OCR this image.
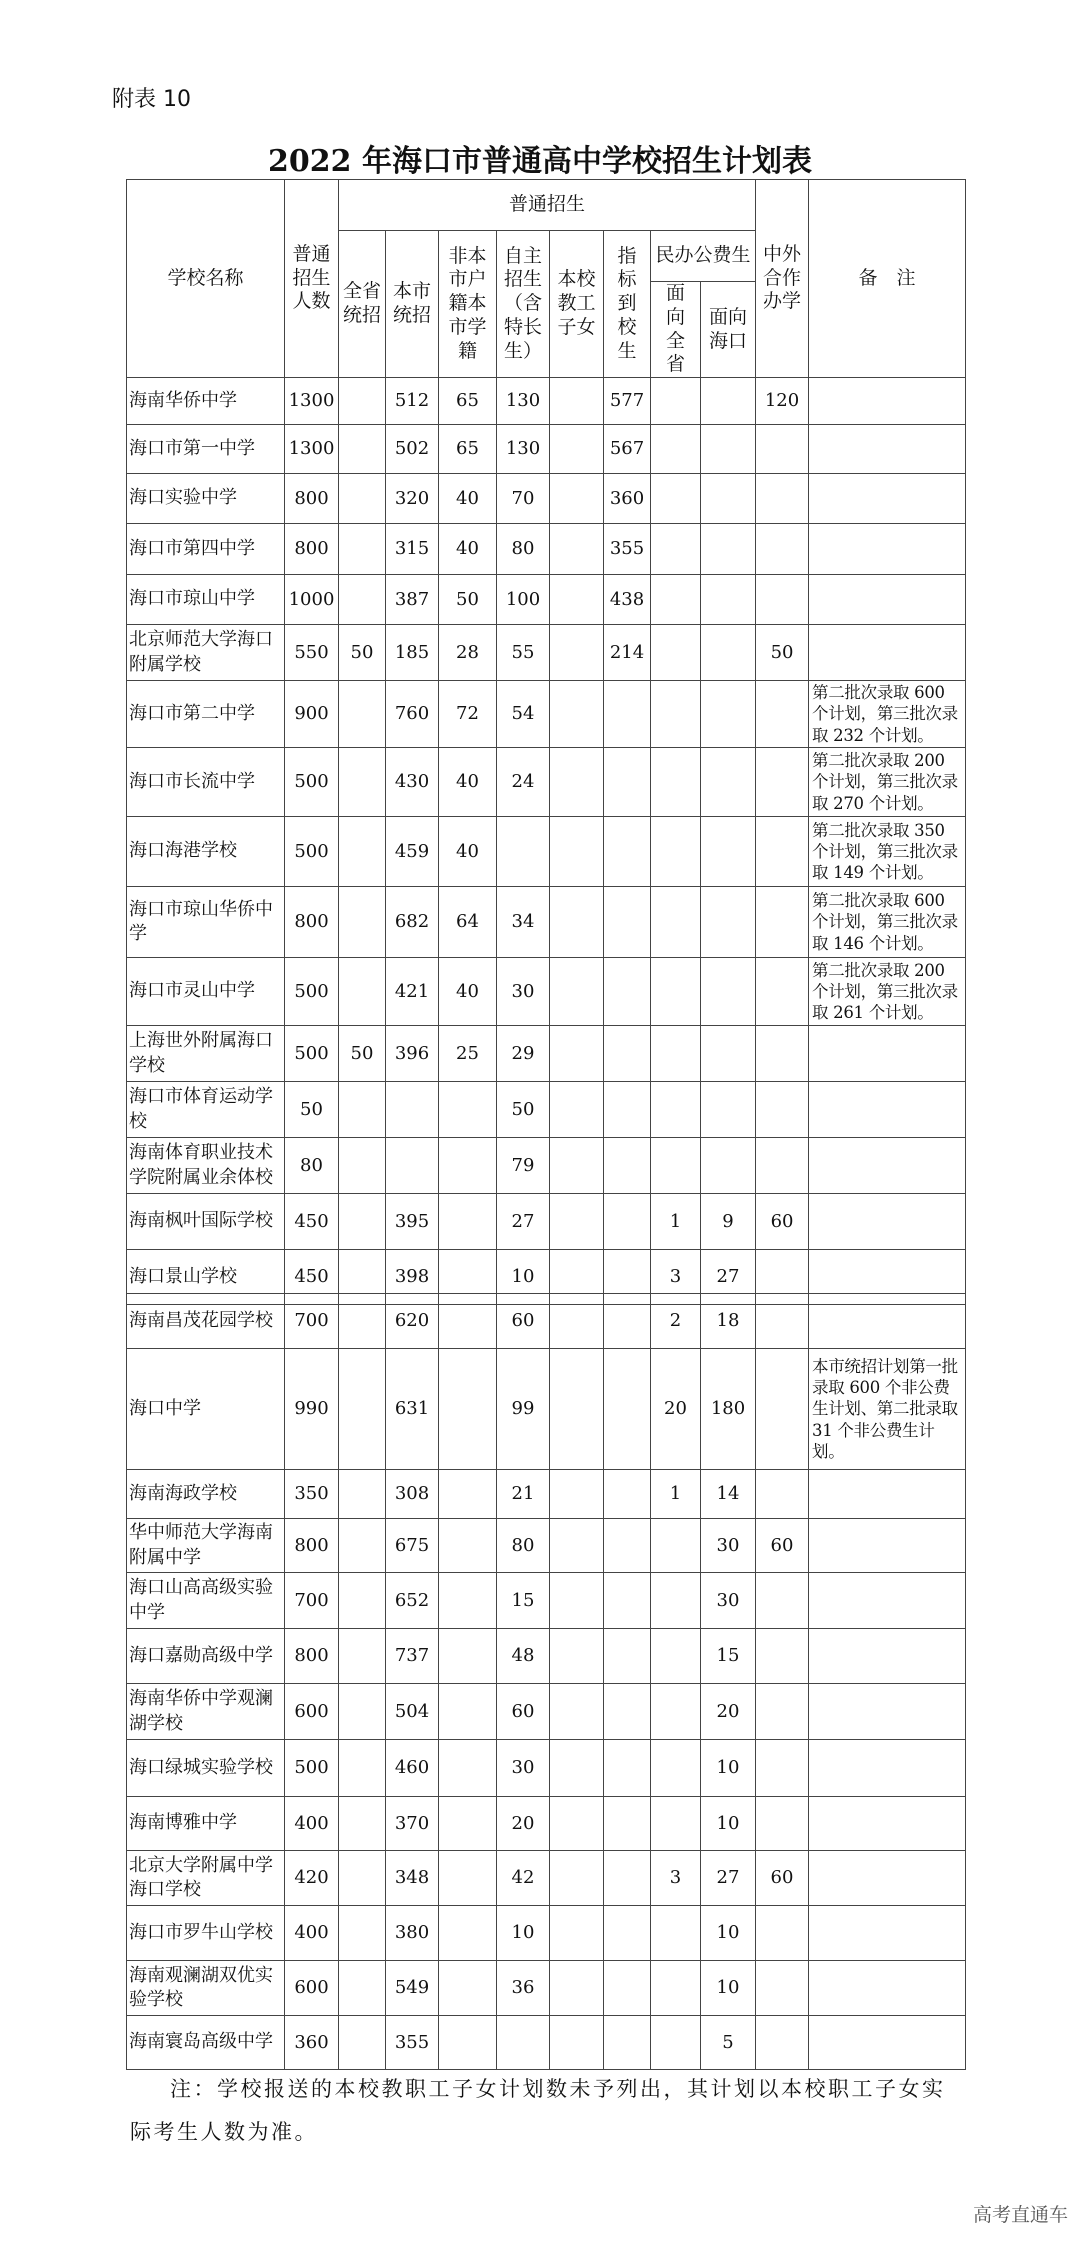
附表 10
2022 年海口市普通高中学校招生计划表
学校名称	普通招生人数	普通招生								中外合作办学	备　注
		全省统招	本市统招	非本市户籍本市学籍	自主招生（含特长生）	本校教工子女	指标到校生	民办公费生			
								面向全省	面向海口		
海南华侨中学	1300		512	65	130		577			120	
海口市第一中学	1300		502	65	130		567				
海口实验中学	800		320	40	70		360				
海口市第四中学	800		315	40	80		355				
海口市琼山中学	1000		387	50	100		438				
北京师范大学海口附属学校	550	50	185	28	55		214			50	
海口市第二中学	900		760	72	54						第二批次录取 600 个计划，第三批次录取 232 个计划。
海口市长流中学	500		430	40	24						第二批次录取 200 个计划，第三批次录取 270 个计划。
海口海港学校	500		459	40							第二批次录取 350 个计划，第三批次录取 149 个计划。
海口市琼山华侨中学	800		682	64	34						第二批次录取 600 个计划，第三批次录取 146 个计划。
海口市灵山中学	500		421	40	30						第二批次录取 200 个计划，第三批次录取 261 个计划。
上海世外附属海口学校	500	50	396	25	29						
海口市体育运动学校	50				50						
海南体育职业技术学院附属业余体校	80				79						
海南枫叶国际学校	450		395		27			1	9	60	
海口景山学校	450		398		10			3	27		
海南昌茂花园学校	700		620		60			2	18		
海口中学	990		631		99			20	180		本市统招计划第一批录取 600 个非公费生计划、第二批录取 31 个非公费生计划。
海南海政学校	350		308		21			1	14		
华中师范大学海南附属中学	800		675		80				30	60	
海口山高高级实验中学	700		652		15				30		
海口嘉勋高级中学	800		737		48				15		
海南华侨中学观澜湖学校	600		504		60				20		
海口绿城实验学校	500		460		30				10		
海南博雅中学	400		370		20				10		
北京大学附属中学海口学校	420		348		42			3	27	60	
海口市罗牛山学校	400		380		10				10		
海南观澜湖双优实验学校	600		549		36				10		
海南寰岛高级中学	360		355						5		
注：学校报送的本校教职工子女计划数未予列出，其计划以本校职工子女实际考生人数为准。
高考直通车
